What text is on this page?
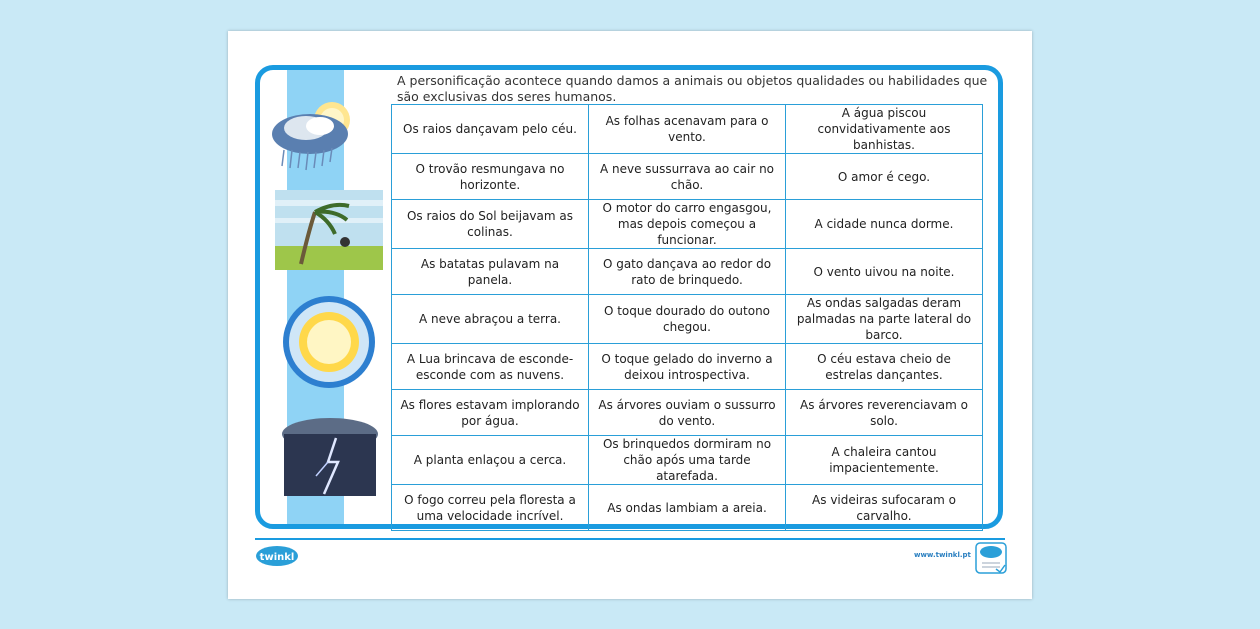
A personificação acontece quando damos a animais ou objetos qualidades ou habilidades que são exclusivas dos seres humanos.

Os raios dançavam pelo céu.	As folhas acenavam para o vento.	A água piscou convidativamente aos banhistas.
O trovão resmungava no horizonte.	A neve sussurrava ao cair no chão.	O amor é cego.
Os raios do Sol beijavam as colinas.	O motor do carro engasgou, mas depois começou a funcionar.	A cidade nunca dorme.
As batatas pulavam na panela.	O gato dançava ao redor do rato de brinquedo.	O vento uivou na noite.
A neve abraçou a terra.	O toque dourado do outono chegou.	As ondas salgadas deram palmadas na parte lateral do barco.
A Lua brincava de esconde-esconde com as nuvens.	O toque gelado do inverno a deixou introspectiva.	O céu estava cheio de estrelas dançantes.
As flores estavam implorando por água.	As árvores ouviam o sussurro do vento.	As árvores reverenciavam o solo.
A planta enlaçou a cerca.	Os brinquedos dormiram no chão após uma tarde atarefada.	A chaleira cantou impacientemente.
O fogo correu pela floresta a uma velocidade incrível.	As ondas lambiam a areia.	As videiras sufocaram o carvalho.
twinkl	www.twinkl.pt
